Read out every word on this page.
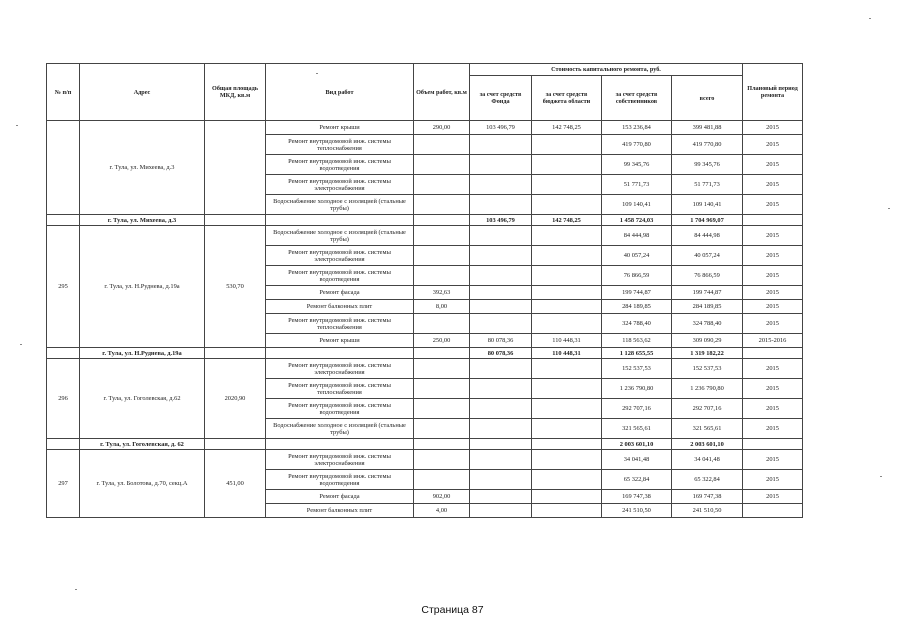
№ п/п	Адрес	Общая площадь МКД, кв.м	Вид работ	Объем работ, кв.м	Стоимость капитального ремонта, руб.				Плановый период ремонта
					за счет средств Фонда	за счет средств бюджета области	за счет средств собственников	всего	
	г. Тула, ул. Михеева, д.3		Ремонт крыши	290,00	103 496,79	142 748,25	153 236,84	399 481,88	2015
			Ремонт внутридомовой инж. системы теплоснабжения				419 770,80	419 770,80	2015
			Ремонт внутридомовой инж. системы водоотведения				99 345,76	99 345,76	2015
			Ремонт внутридомовой инж. системы электроснабжения				51 771,73	51 771,73	2015
			Водоснабжение холодное с изоляцией (стальные трубы)				109 140,41	109 140,41	2015
	г. Тула, ул. Михеева, д.3				103 496,79	142 748,25	1 458 724,03	1 704 969,07	
295	г. Тула, ул. Н.Руднева, д.19а	530,70	Водоснабжение холодное с изоляцией (стальные трубы)				84 444,98	84 444,98	2015
			Ремонт внутридомовой инж. системы электроснабжения				40 057,24	40 057,24	2015
			Ремонт внутридомовой инж. системы водоотведения				76 866,59	76 866,59	2015
			Ремонт фасада	392,63			199 744,87	199 744,87	2015
			Ремонт балконных плит	8,00			284 189,85	284 189,85	2015
			Ремонт внутридомовой инж. системы теплоснабжения				324 788,40	324 788,40	2015
			Ремонт крыши	250,00	80 078,36	110 448,31	118 563,62	309 090,29	2015-2016
	г. Тула, ул. Н.Руднева, д.19а				80 078,36	110 448,31	1 128 655,55	1 319 182,22	
296	г. Тула, ул. Гоголевская, д.62	2020,90	Ремонт внутридомовой инж. системы электроснабжения				152 537,53	152 537,53	2015
			Ремонт внутридомовой инж. системы теплоснабжения				1 236 790,80	1 236 790,80	2015
			Ремонт внутридомовой инж. системы водоотведения				292 707,16	292 707,16	2015
			Водоснабжение холодное с изоляцией (стальные трубы)				321 565,61	321 565,61	2015
	г. Тула, ул. Гоголевская, д. 62						2 003 601,10	2 003 601,10	
297	г. Тула, ул. Болотова, д.70, секц.А	451,00	Ремонт внутридомовой инж. системы электроснабжения				34 041,48	34 041,48	2015
			Ремонт внутридомовой инж. системы водоотведения				65 322,84	65 322,84	2015
			Ремонт фасада	902,00			169 747,38	169 747,38	2015
			Ремонт балконных плит	4,00			241 510,50	241 510,50	
Страница 87
